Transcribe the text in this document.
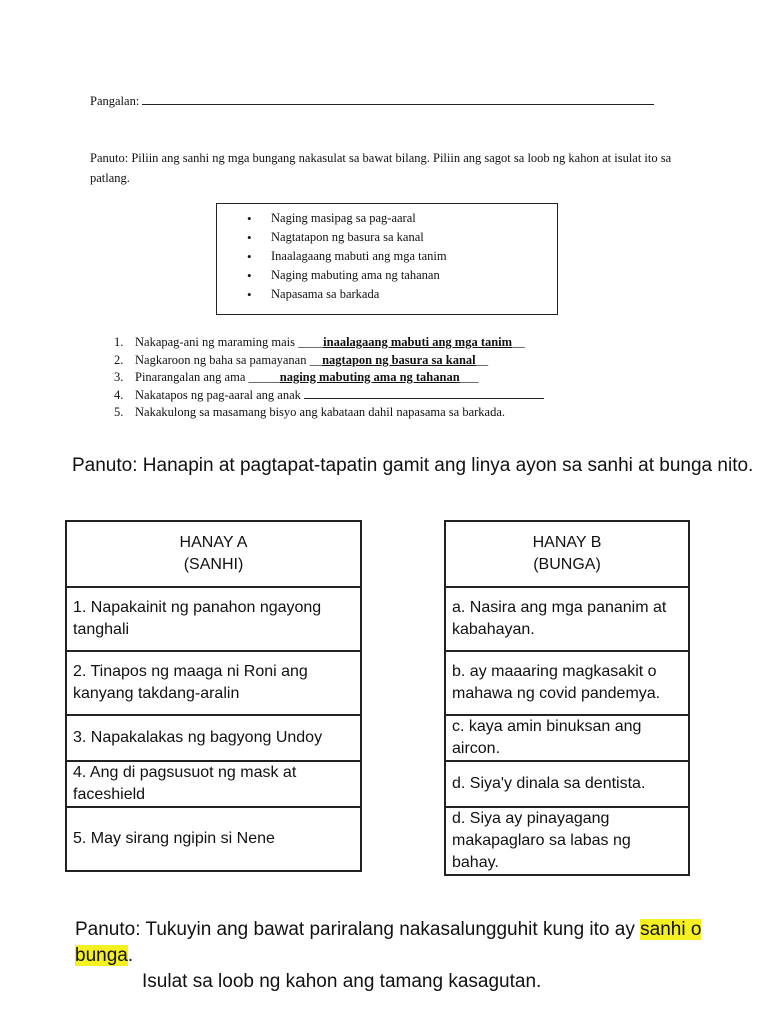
Pangalan:
Panuto: Piliin ang sanhi ng mga bungang nakasulat sa bawat bilang. Piliin ang sagot sa loob ng kahon at isulat ito sa patlang.
• Naging masipag sa pag-aaral
• Nagtatapon ng basura sa kanal
• Inaalagaang mabuti ang mga tanim
• Naging mabuting ama ng tahanan
• Napasama sa barkada
1. Nakapag-ani ng maraming mais ____inaalagaang mabuti ang mga tanim__
2. Nagkaroon ng baha sa pamayanan __nagtapon ng basura sa kanal__
3. Pinarangalan ang ama _____naging mabuting ama ng tahanan___
4. Nakatapos ng pag-aaral ang anak
5. Nakakulong sa masamang bisyo ang kabataan dahil napasama sa barkada.
Panuto: Hanapin at pagtapat-tapatin gamit ang linya ayon sa sanhi at bunga nito.
HANAY A
(SANHI)
1. Napakainit ng panahon ngayong tanghali
2. Tinapos ng maaga ni Roni ang kanyang takdang-aralin
3. Napakalakas ng bagyong Undoy
4. Ang di pagsusuot ng mask at faceshield
5. May sirang ngipin si Nene
HANAY B
(BUNGA)
a. Nasira ang mga pananim at kabahayan.
b. ay maaaring magkasakit o mahawa ng covid pandemya.
c. kaya amin binuksan ang aircon.
d. Siya'y dinala sa dentista.
d. Siya ay pinayagang makapaglaro sa labas ng bahay.
Panuto: Tukuyin ang bawat pariralang nakasalungguhit kung ito ay sanhi o bunga.
Isulat sa loob ng kahon ang tamang kasagutan.
